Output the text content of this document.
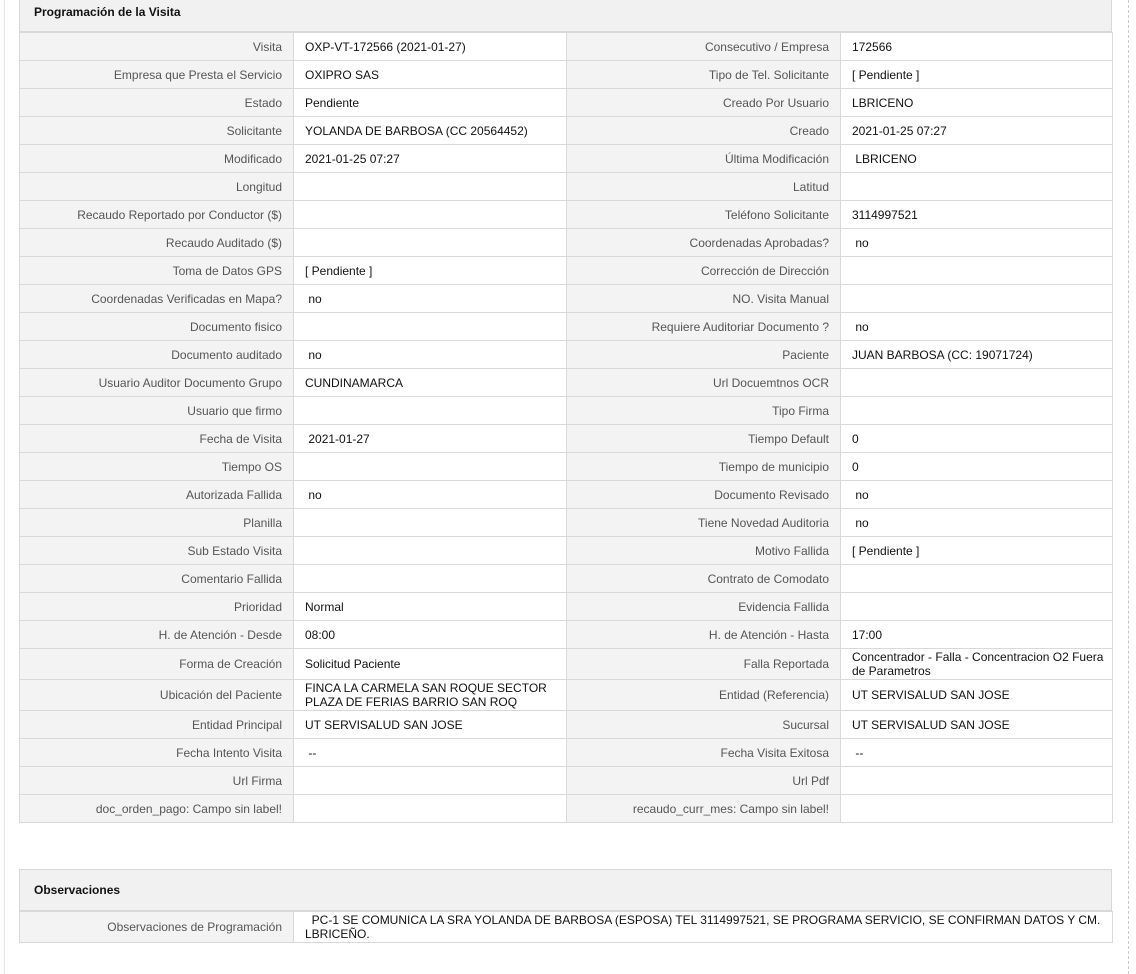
Programación de la Visita
Visita	OXP-VT-172566 (2021-01-27)	Consecutivo / Empresa	172566
Empresa que Presta el Servicio	OXIPRO SAS	Tipo de Tel. Solicitante	[ Pendiente ]
Estado	Pendiente	Creado Por Usuario	LBRICENO
Solicitante	YOLANDA DE BARBOSA (CC 20564452)	Creado	2021-01-25 07:27
Modificado	2021-01-25 07:27	Última Modificación	LBRICENO
Longitud		Latitud	
Recaudo Reportado por Conductor ($)		Teléfono Solicitante	3114997521
Recaudo Auditado ($)		Coordenadas Aprobadas?	no
Toma de Datos GPS	[ Pendiente ]	Corrección de Dirección	
Coordenadas Verificadas en Mapa?	no	NO. Visita Manual	
Documento fisico		Requiere Auditoriar Documento ?	no
Documento auditado	no	Paciente	JUAN BARBOSA (CC: 19071724)
Usuario Auditor Documento Grupo	CUNDINAMARCA	Url Docuemtnos OCR	
Usuario que firmo		Tipo Firma	
Fecha de Visita	2021-01-27	Tiempo Default	0
Tiempo OS		Tiempo de municipio	0
Autorizada Fallida	no	Documento Revisado	no
Planilla		Tiene Novedad Auditoria	no
Sub Estado Visita		Motivo Fallida	[ Pendiente ]
Comentario Fallida		Contrato de Comodato	
Prioridad	Normal	Evidencia Fallida	
H. de Atención - Desde	08:00	H. de Atención - Hasta	17:00
Forma de Creación	Solicitud Paciente	Falla Reportada	Concentrador - Falla - Concentracion O2 Fuera de Parametros
Ubicación del Paciente	FINCA LA CARMELA SAN ROQUE SECTOR PLAZA DE FERIAS BARRIO SAN ROQ	Entidad (Referencia)	UT SERVISALUD SAN JOSE
Entidad Principal	UT SERVISALUD SAN JOSE	Sucursal	UT SERVISALUD SAN JOSE
Fecha Intento Visita	--	Fecha Visita Exitosa	--
Url Firma		Url Pdf	
doc_orden_pago: Campo sin label!		recaudo_curr_mes: Campo sin label!	
Observaciones
Observaciones de Programación	PC-1 SE COMUNICA LA SRA YOLANDA DE BARBOSA (ESPOSA) TEL 3114997521, SE PROGRAMA SERVICIO, SE CONFIRMAN DATOS Y CM. LBRICEÑO.
